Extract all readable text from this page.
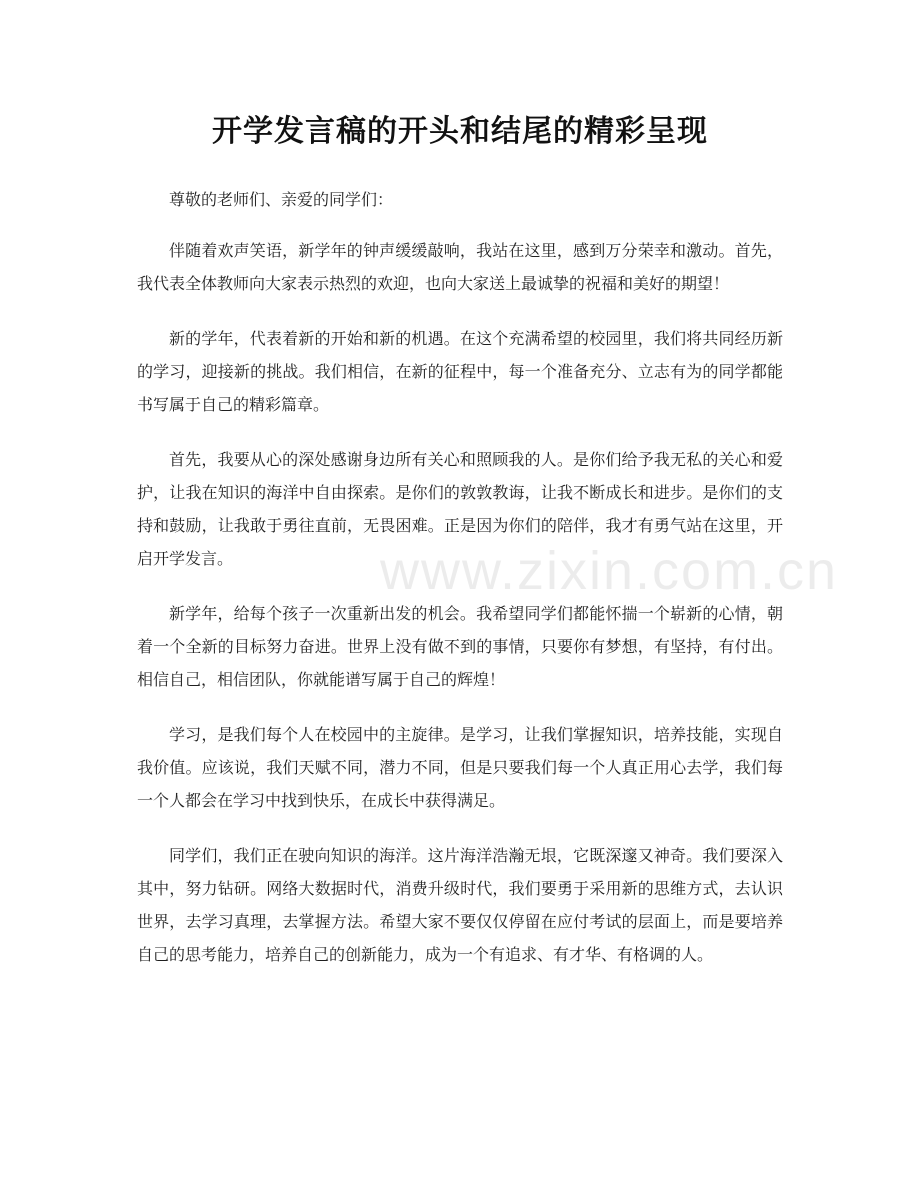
开学发言稿的开头和结尾的精彩呈现

尊敬的老师们、亲爱的同学们：

伴随着欢声笑语，新学年的钟声缓缓敲响，我站在这里，感到万分荣幸和激动。首先，我代表全体教师向大家表示热烈的欢迎，也向大家送上最诚挚的祝福和美好的期望！

新的学年，代表着新的开始和新的机遇。在这个充满希望的校园里，我们将共同经历新的学习，迎接新的挑战。我们相信，在新的征程中，每一个准备充分、立志有为的同学都能书写属于自己的精彩篇章。

首先，我要从心的深处感谢身边所有关心和照顾我的人。是你们给予我无私的关心和爱护，让我在知识的海洋中自由探索。是你们的敦敦教诲，让我不断成长和进步。是你们的支持和鼓励，让我敢于勇往直前，无畏困难。正是因为你们的陪伴，我才有勇气站在这里，开启开学发言。

新学年，给每个孩子一次重新出发的机会。我希望同学们都能怀揣一个崭新的心情，朝着一个全新的目标努力奋进。世界上没有做不到的事情，只要你有梦想，有坚持，有付出。相信自己，相信团队，你就能谱写属于自己的辉煌！

学习，是我们每个人在校园中的主旋律。是学习，让我们掌握知识，培养技能，实现自我价值。应该说，我们天赋不同，潜力不同，但是只要我们每一个人真正用心去学，我们每一个人都会在学习中找到快乐，在成长中获得满足。

同学们，我们正在驶向知识的海洋。这片海洋浩瀚无垠，它既深邃又神奇。我们要深入其中，努力钻研。网络大数据时代，消费升级时代，我们要勇于采用新的思维方式，去认识世界，去学习真理，去掌握方法。希望大家不要仅仅停留在应付考试的层面上，而是要培养自己的思考能力，培养自己的创新能力，成为一个有追求、有才华、有格调的人。

www.zixin.com.cn
